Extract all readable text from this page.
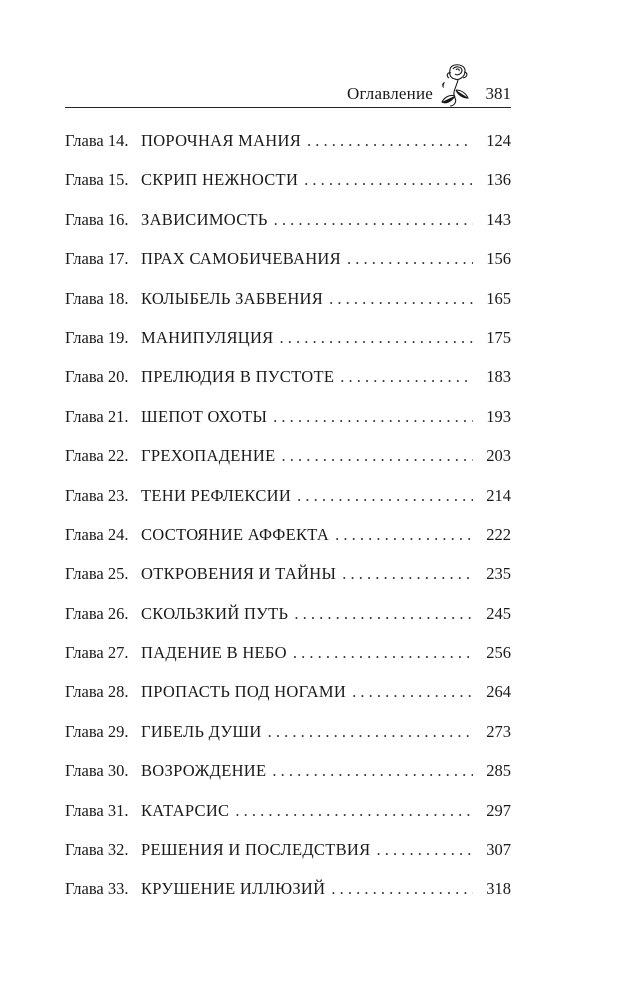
Оглавление	381
Глава 14. ПОРОЧНАЯ МАНИЯ . . .	124
Глава 15. СКРИП НЕЖНОСТИ . . .	136
Глава 16. ЗАВИСИМОСТЬ . . .	143
Глава 17. ПРАХ САМОБИЧЕВАНИЯ . . .	156
Глава 18. КОЛЫБЕЛЬ ЗАБВЕНИЯ . . .	165
Глава 19. МАНИПУЛЯЦИЯ . . .	175
Глава 20. ПРЕЛЮДИЯ В ПУСТОТЕ . . .	183
Глава 21. ШЕПОТ ОХОТЫ . . .	193
Глава 22. ГРЕХОПАДЕНИЕ . . .	203
Глава 23. ТЕНИ РЕФЛЕКСИИ . . .	214
Глава 24. СОСТОЯНИЕ АФФЕКТА . . .	222
Глава 25. ОТКРОВЕНИЯ И ТАЙНЫ . . .	235
Глава 26. СКОЛЬЗКИЙ ПУТЬ . . .	245
Глава 27. ПАДЕНИЕ В НЕБО . . .	256
Глава 28. ПРОПАСТЬ ПОД НОГАМИ . . .	264
Глава 29. ГИБЕЛЬ ДУШИ . . .	273
Глава 30. ВОЗРОЖДЕНИЕ . . .	285
Глава 31. КАТАРСИС . . .	297
Глава 32. РЕШЕНИЯ И ПОСЛЕДСТВИЯ . . .	307
Глава 33. КРУШЕНИЕ ИЛЛЮЗИЙ . . .	318
